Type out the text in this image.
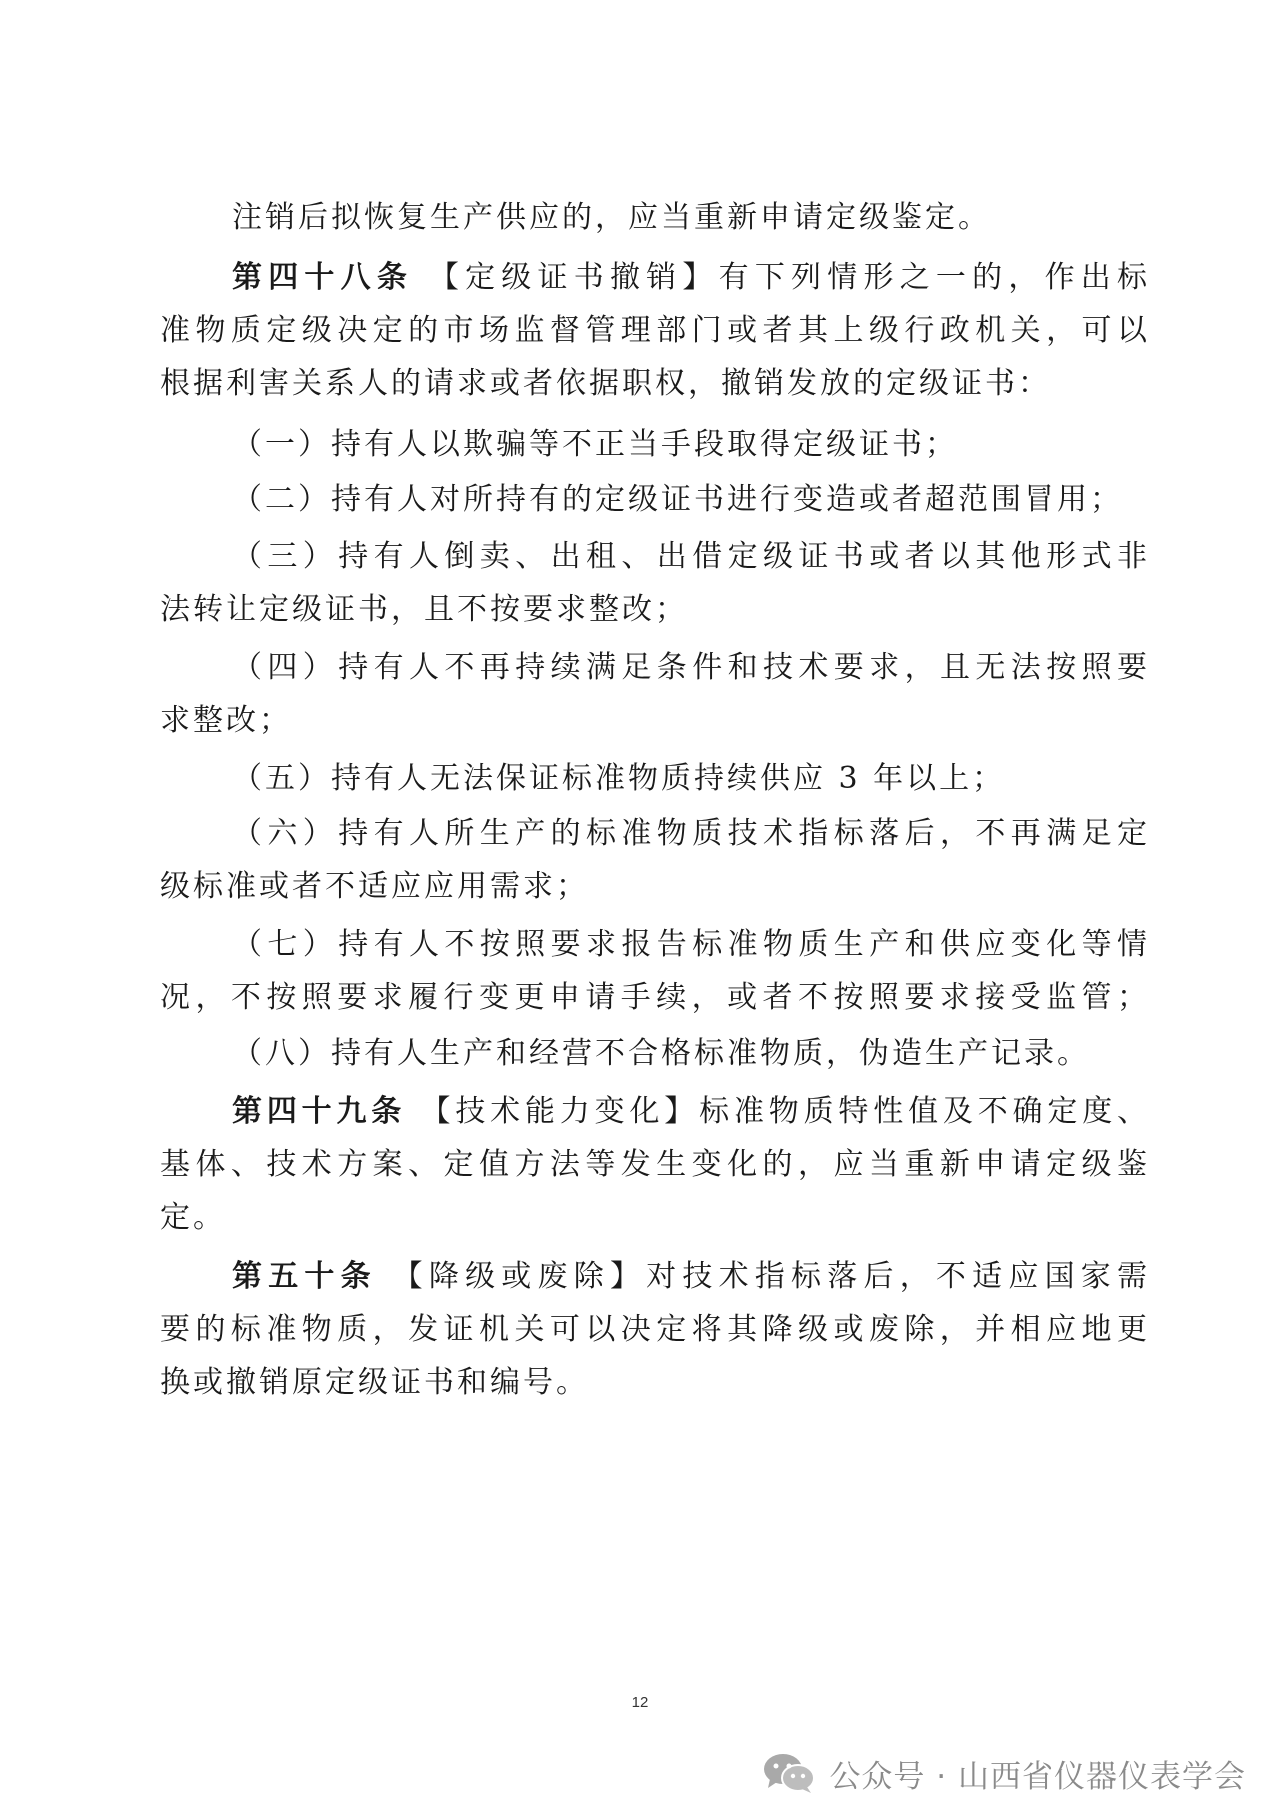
注销后拟恢复生产供应的，应当重新申请定级鉴定。
第四十八条 【定级证书撤销】有下列情形之一的，作出标
准物质定级决定的市场监督管理部门或者其上级行政机关，可以
根据利害关系人的请求或者依据职权，撤销发放的定级证书：
（一）持有人以欺骗等不正当手段取得定级证书；
（二）持有人对所持有的定级证书进行变造或者超范围冒用；
（三）持有人倒卖、出租、出借定级证书或者以其他形式非
法转让定级证书，且不按要求整改；
（四）持有人不再持续满足条件和技术要求，且无法按照要
求整改；
（五）持有人无法保证标准物质持续供应 3 年以上；
（六）持有人所生产的标准物质技术指标落后，不再满足定
级标准或者不适应应用需求；
（七）持有人不按照要求报告标准物质生产和供应变化等情
况，不按照要求履行变更申请手续，或者不按照要求接受监管；
（八）持有人生产和经营不合格标准物质，伪造生产记录。
第四十九条 【技术能力变化】标准物质特性值及不确定度、
基体、技术方案、定值方法等发生变化的，应当重新申请定级鉴
定。
第五十条 【降级或废除】对技术指标落后，不适应国家需
要的标准物质，发证机关可以决定将其降级或废除，并相应地更
换或撤销原定级证书和编号。
12
公众号 · 山西省仪器仪表学会
